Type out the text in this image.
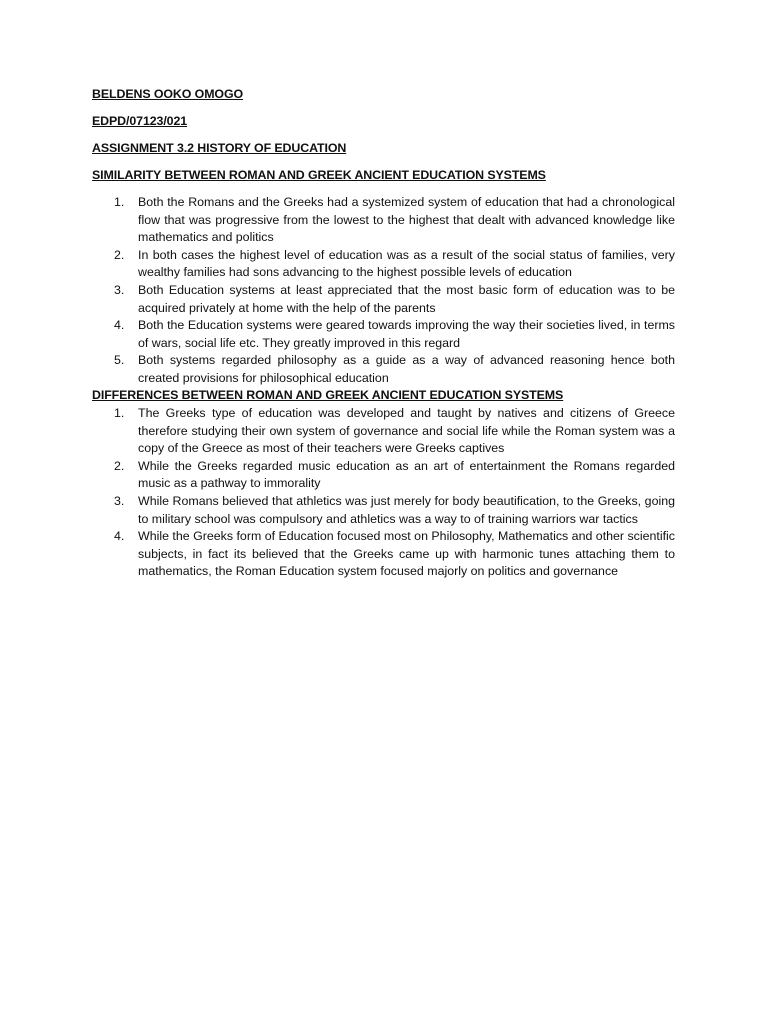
BELDENS OOKO OMOGO

EDPD/07123/021

ASSIGNMENT 3.2 HISTORY OF EDUCATION

SIMILARITY BETWEEN ROMAN AND GREEK ANCIENT EDUCATION SYSTEMS

1. Both the Romans and the Greeks had a systemized system of education that had a chronological flow that was progressive from the lowest to the highest that dealt with advanced knowledge like mathematics and politics
2. In both cases the highest level of education was as a result of the social status of families, very wealthy families had sons advancing to the highest possible levels of education
3. Both Education systems at least appreciated that the most basic form of education was to be acquired privately at home with the help of the parents
4. Both the Education systems were geared towards improving the way their societies lived, in terms of wars, social life etc. They greatly improved in this regard
5. Both systems regarded philosophy as a guide as a way of advanced reasoning hence both created provisions for philosophical education

DIFFERENCES BETWEEN ROMAN AND GREEK ANCIENT EDUCATION SYSTEMS

1. The Greeks type of education was developed and taught by natives and citizens of Greece therefore studying their own system of governance and social life while the Roman system was a copy of the Greece as most of their teachers were Greeks captives
2. While the Greeks regarded music education as an art of entertainment the Romans regarded music as a pathway to immorality
3. While Romans believed that athletics was just merely for body beautification, to the Greeks, going to military school was compulsory and athletics was a way to of training warriors war tactics
4. While the Greeks form of Education focused most on Philosophy, Mathematics and other scientific subjects, in fact its believed that the Greeks came up with harmonic tunes attaching them to mathematics, the Roman Education system focused majorly on politics and governance
